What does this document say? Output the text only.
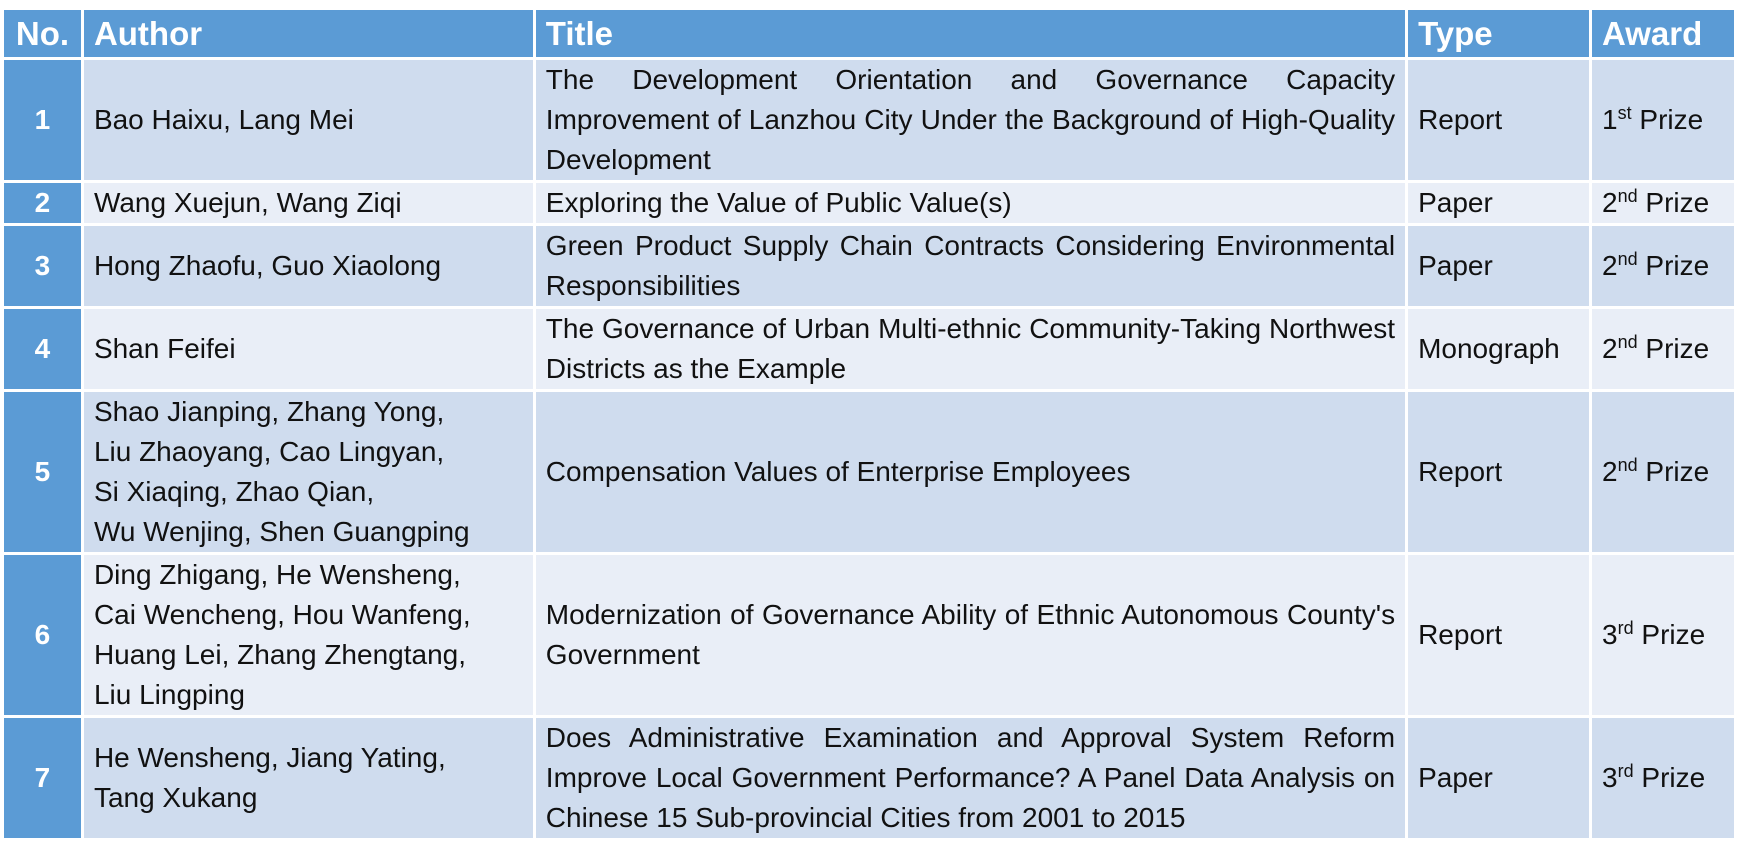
No.	Author	Title	Type	Award
1	Bao Haixu, Lang Mei	The Development Orientation and Governance Capacity Improvement of Lanzhou City Under the Background of High-Quality Development	Report	1st Prize
2	Wang Xuejun, Wang Ziqi	Exploring the Value of Public Value(s)	Paper	2nd Prize
3	Hong Zhaofu, Guo Xiaolong	Green Product Supply Chain Contracts Considering Environmental Responsibilities	Paper	2nd Prize
4	Shan Feifei	The Governance of Urban Multi-ethnic Community-Taking Northwest Districts as the Example	Monograph	2nd Prize
5	Shao Jianping, Zhang Yong,
Liu Zhaoyang, Cao Lingyan,
Si Xiaqing, Zhao Qian,
Wu Wenjing, Shen Guangping	Compensation Values of Enterprise Employees	Report	2nd Prize
6	Ding Zhigang, He Wensheng,
Cai Wencheng, Hou Wanfeng,
Huang Lei, Zhang Zhengtang,
Liu Lingping	Modernization of Governance Ability of Ethnic Autonomous County's Government	Report	3rd Prize
7	He Wensheng, Jiang Yating,
Tang Xukang	Does Administrative Examination and Approval System Reform Improve Local Government Performance? A Panel Data Analysis on Chinese 15 Sub-provincial Cities from 2001 to 2015	Paper	3rd Prize
